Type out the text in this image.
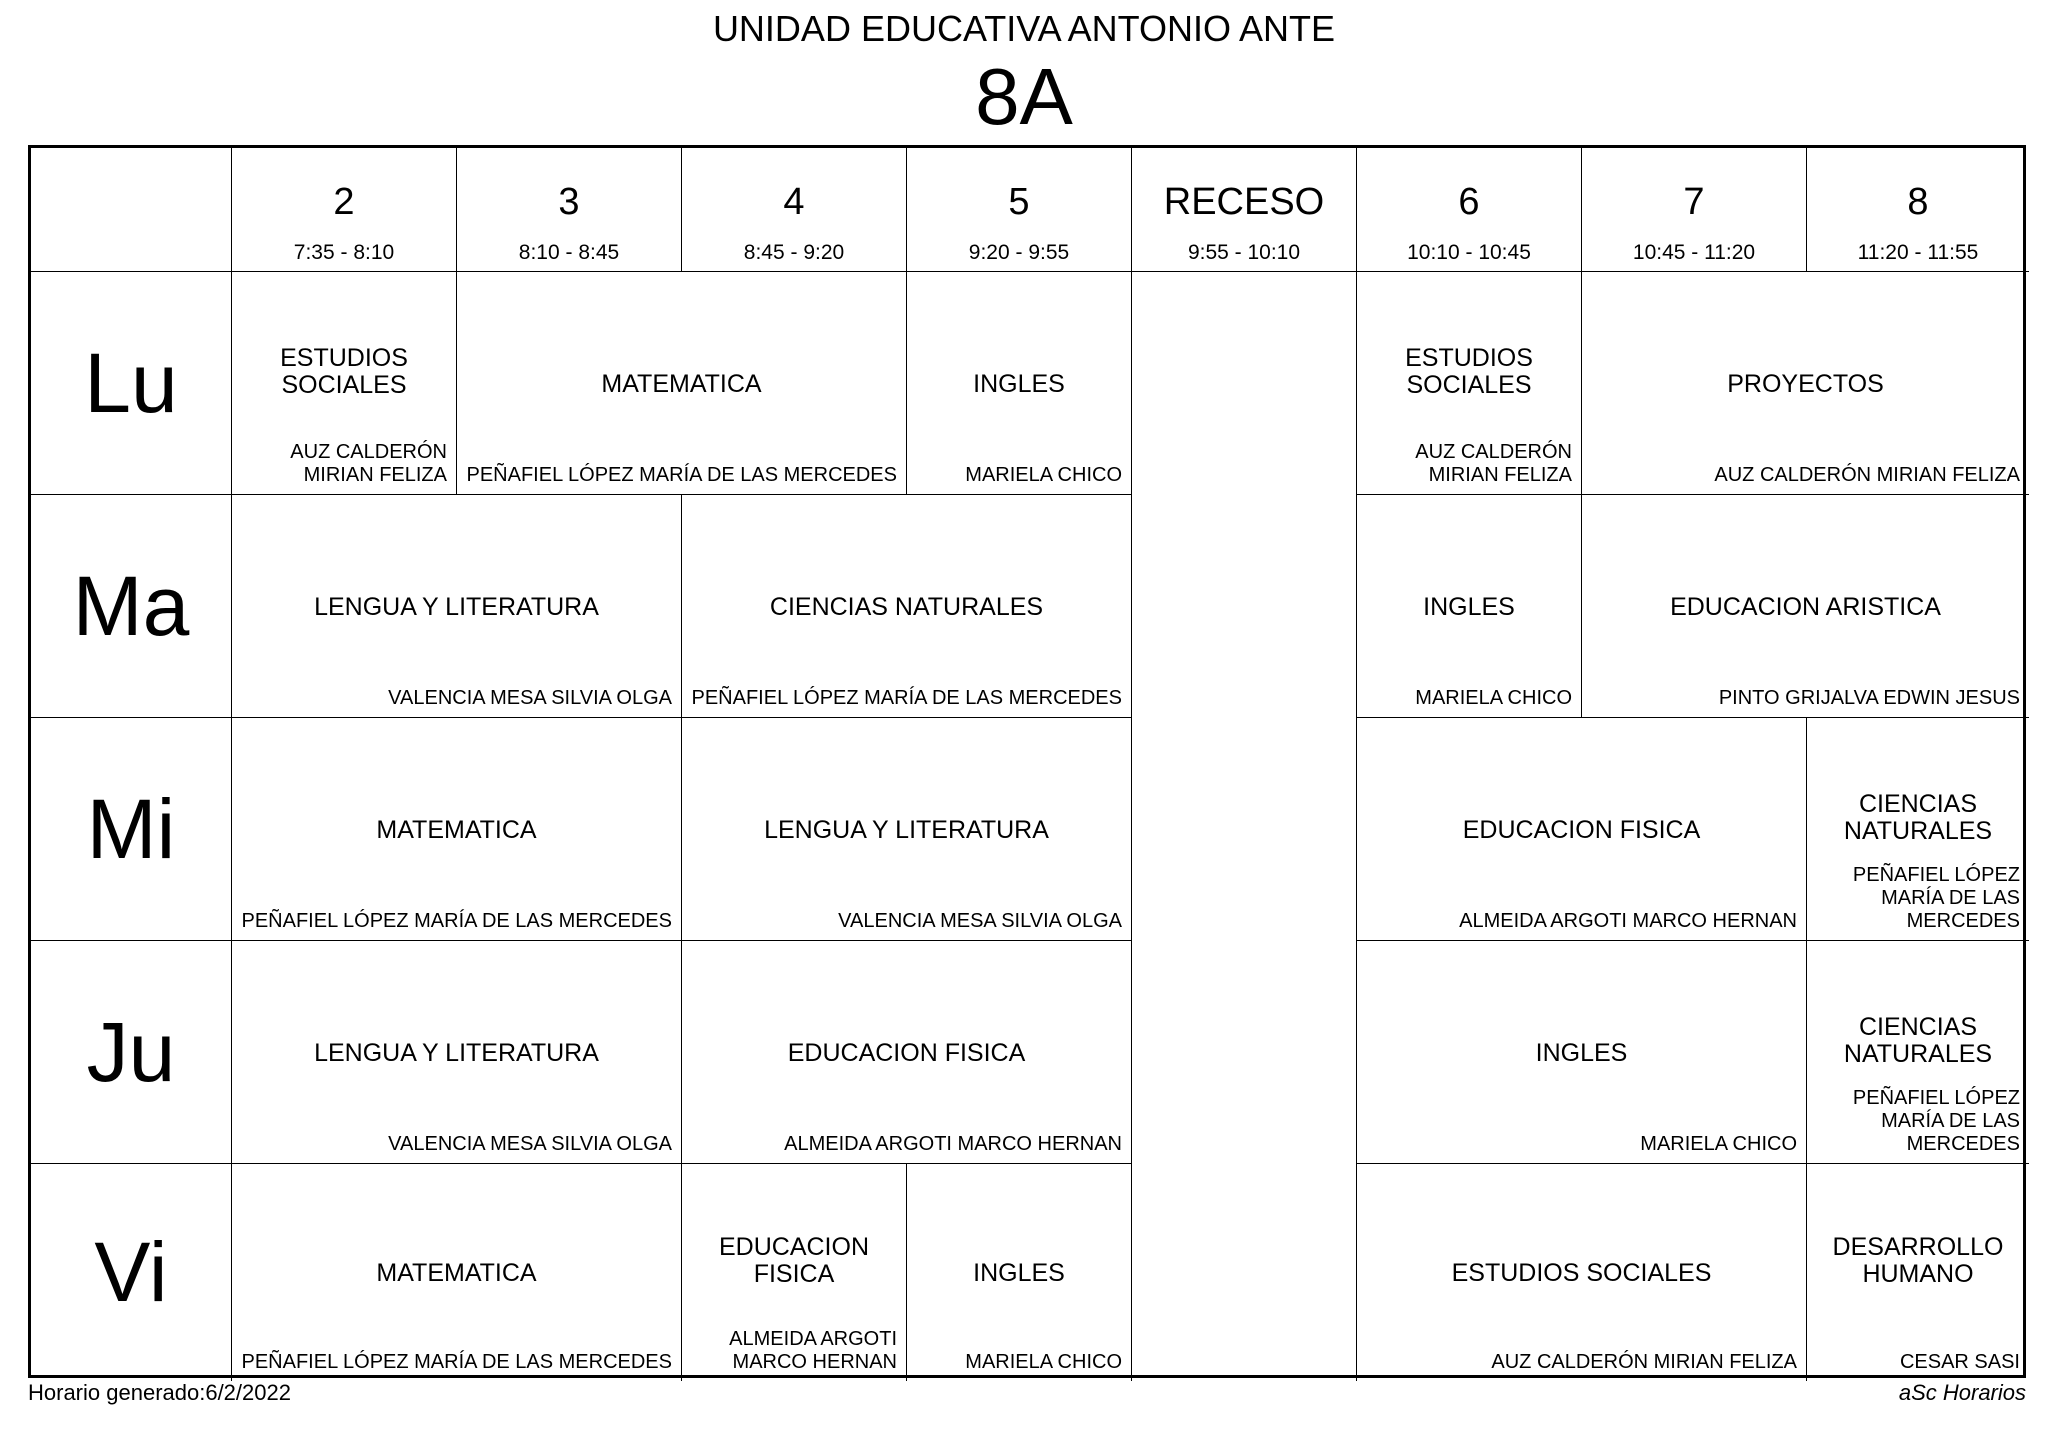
UNIDAD EDUCATIVA ANTONIO ANTE
8A
2
7:35 - 8:10
3
8:10 - 8:45
4
8:45 - 9:20
5
9:20 - 9:55
RECESO
9:55 - 10:10
6
10:10 - 10:45
7
10:45 - 11:20
8
11:20 - 11:55
Lu
Ma
Mi
Ju
Vi
ESTUDIOS
SOCIALES
AUZ CALDERÓN
MIRIAN FELIZA
MATEMATICA
PEÑAFIEL LÓPEZ MARÍA DE LAS MERCEDES
INGLES
MARIELA CHICO
ESTUDIOS
SOCIALES
AUZ CALDERÓN
MIRIAN FELIZA
PROYECTOS
AUZ CALDERÓN MIRIAN FELIZA
LENGUA Y LITERATURA
VALENCIA MESA SILVIA OLGA
CIENCIAS NATURALES
PEÑAFIEL LÓPEZ MARÍA DE LAS MERCEDES
INGLES
MARIELA CHICO
EDUCACION ARISTICA
PINTO GRIJALVA EDWIN JESUS
MATEMATICA
PEÑAFIEL LÓPEZ MARÍA DE LAS MERCEDES
LENGUA Y LITERATURA
VALENCIA MESA SILVIA OLGA
EDUCACION FISICA
ALMEIDA ARGOTI MARCO HERNAN
CIENCIAS
NATURALES
PEÑAFIEL LÓPEZ
MARÍA DE LAS
MERCEDES
LENGUA Y LITERATURA
VALENCIA MESA SILVIA OLGA
EDUCACION FISICA
ALMEIDA ARGOTI MARCO HERNAN
INGLES
MARIELA CHICO
CIENCIAS
NATURALES
PEÑAFIEL LÓPEZ
MARÍA DE LAS
MERCEDES
MATEMATICA
PEÑAFIEL LÓPEZ MARÍA DE LAS MERCEDES
EDUCACION
FISICA
ALMEIDA ARGOTI
MARCO HERNAN
INGLES
MARIELA CHICO
ESTUDIOS SOCIALES
AUZ CALDERÓN MIRIAN FELIZA
DESARROLLO
HUMANO
CESAR SASI
Horario generado:6/2/2022	aSc Horarios
